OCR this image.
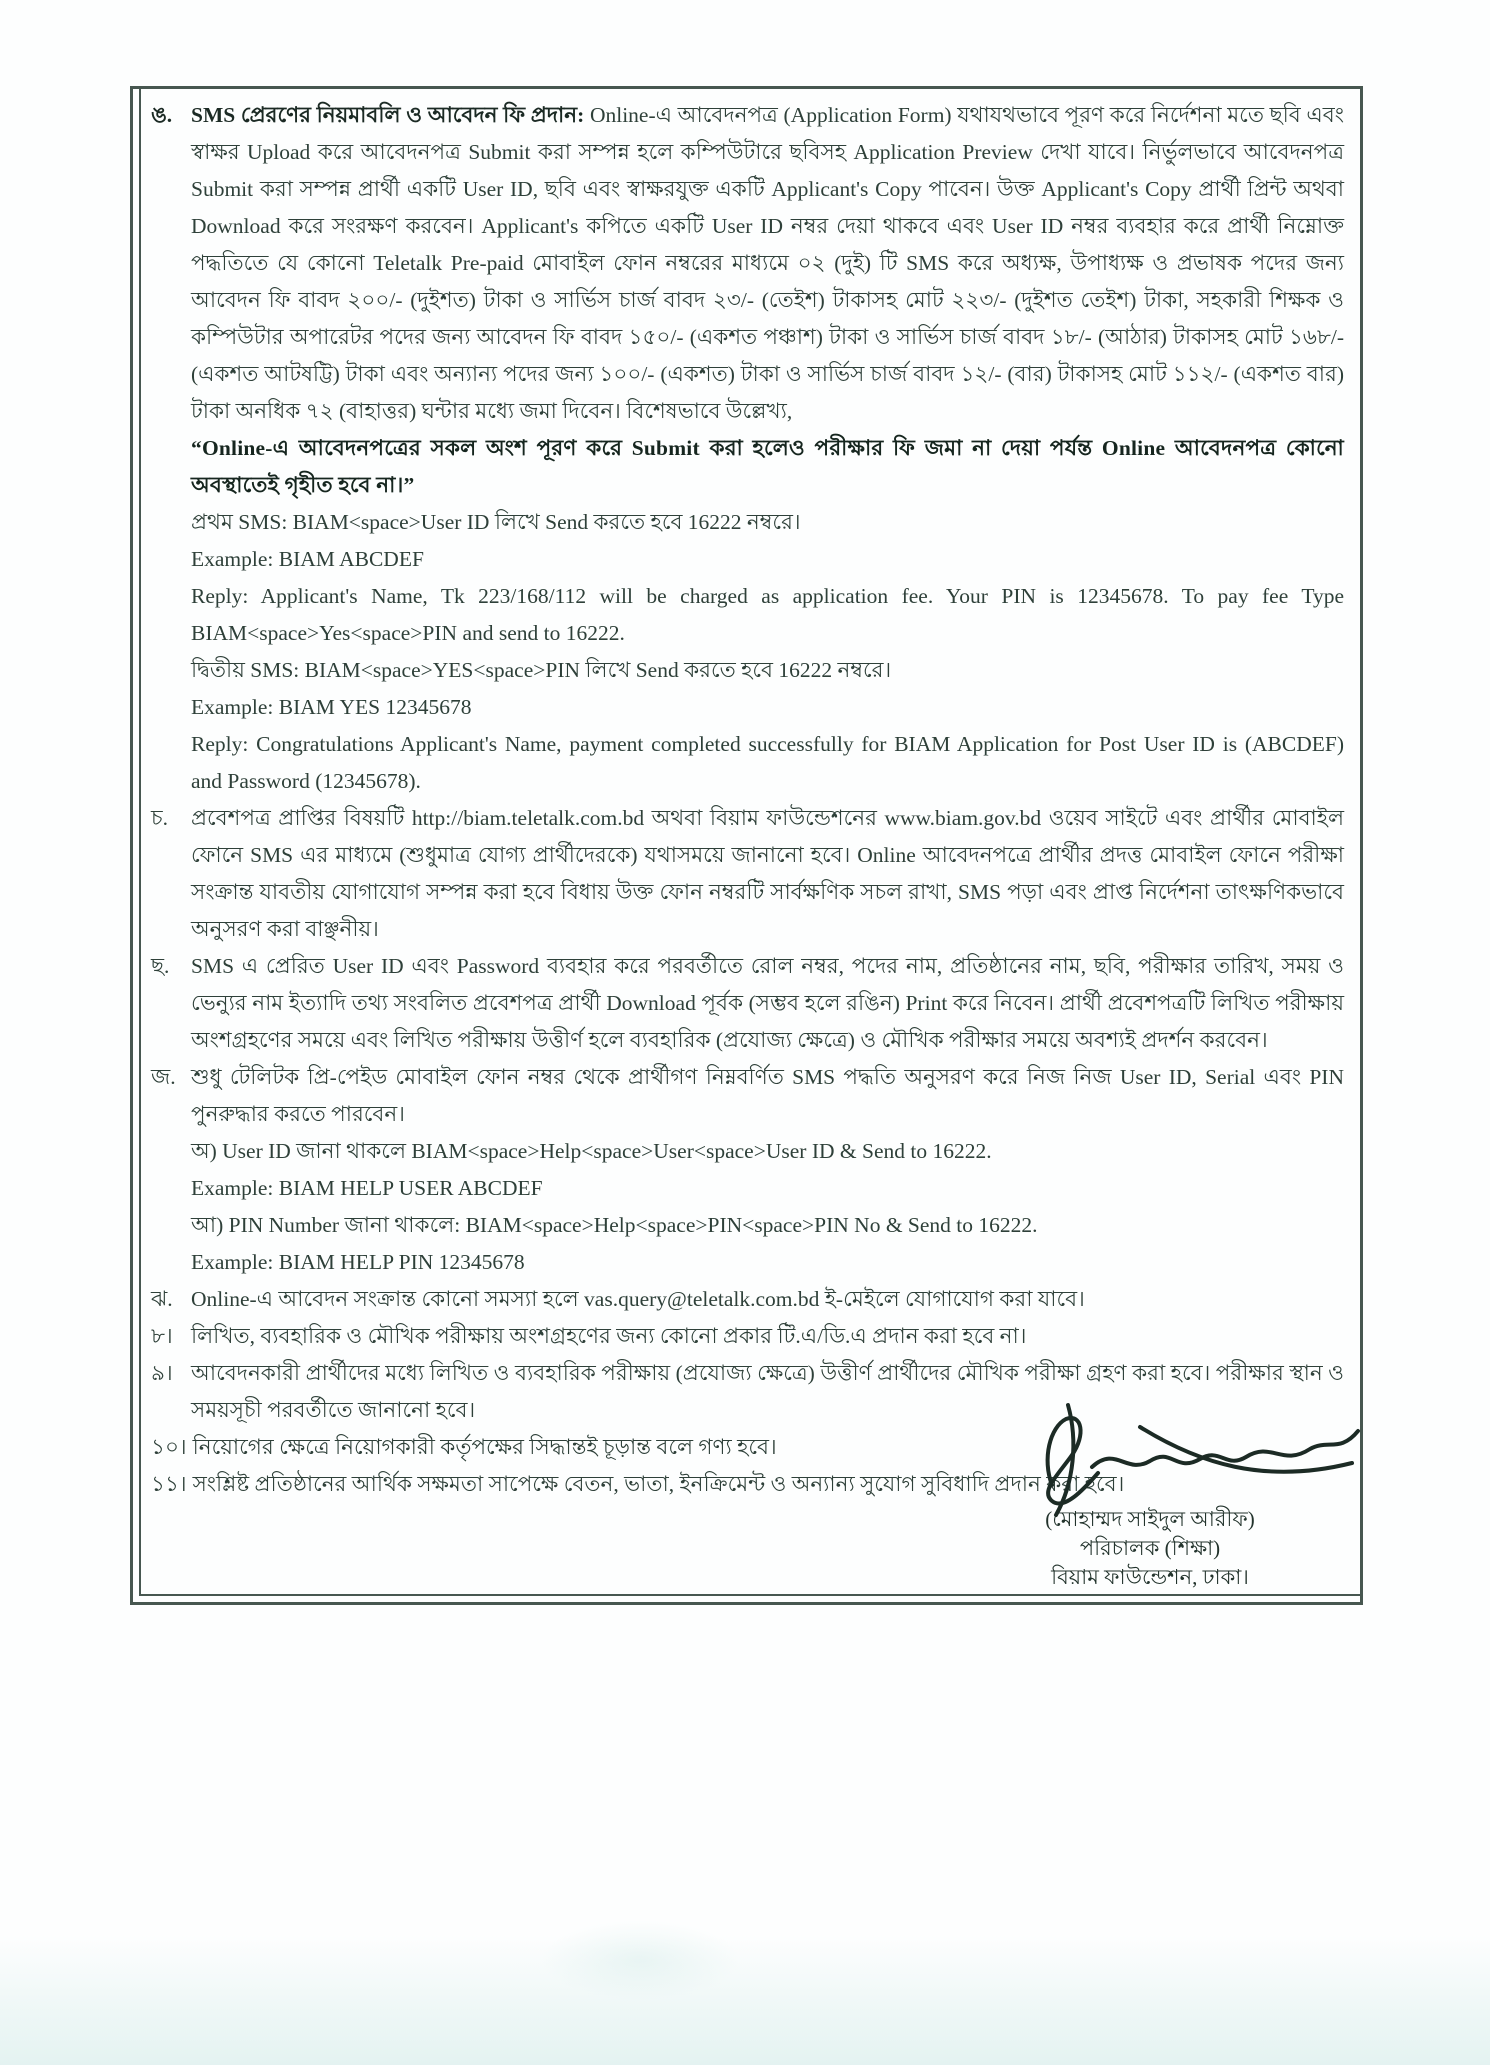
ঙ. SMS প্রেরণের নিয়মাবলি ও আবেদন ফি প্রদান: Online-এ আবেদনপত্র (Application Form) যথাযথভাবে পূরণ করে নির্দেশনা মতে ছবি এবং স্বাক্ষর Upload করে আবেদনপত্র Submit করা সম্পন্ন হলে কম্পিউটারে ছবিসহ Application Preview দেখা যাবে। নির্ভুলভাবে আবেদনপত্র Submit করা সম্পন্ন প্রার্থী একটি User ID, ছবি এবং স্বাক্ষরযুক্ত একটি Applicant's Copy পাবেন। উক্ত Applicant's Copy প্রার্থী প্রিন্ট অথবা Download করে সংরক্ষণ করবেন। Applicant's কপিতে একটি User ID নম্বর দেয়া থাকবে এবং User ID নম্বর ব্যবহার করে প্রার্থী নিম্নোক্ত পদ্ধতিতে যে কোনো Teletalk Pre-paid মোবাইল ফোন নম্বরের মাধ্যমে ০২ (দুই) টি SMS করে অধ্যক্ষ, উপাধ্যক্ষ ও প্রভাষক পদের জন্য আবেদন ফি বাবদ ২০০/- (দুইশত) টাকা ও সার্ভিস চার্জ বাবদ ২৩/- (তেইশ) টাকাসহ মোট ২২৩/- (দুইশত তেইশ) টাকা, সহকারী শিক্ষক ও কম্পিউটার অপারেটর পদের জন্য আবেদন ফি বাবদ ১৫০/- (একশত পঞ্চাশ) টাকা ও সার্ভিস চার্জ বাবদ ১৮/- (আঠার) টাকাসহ মোট ১৬৮/- (একশত আটষট্টি) টাকা এবং অন্যান্য পদের জন্য ১০০/- (একশত) টাকা ও সার্ভিস চার্জ বাবদ ১২/- (বার) টাকাসহ মোট ১১২/- (একশত বার) টাকা অনধিক ৭২ (বাহাত্তর) ঘন্টার মধ্যে জমা দিবেন। বিশেষভাবে উল্লেখ্য,

“Online-এ আবেদনপত্রের সকল অংশ পূরণ করে Submit করা হলেও পরীক্ষার ফি জমা না দেয়া পর্যন্ত Online আবেদনপত্র কোনো অবস্থাতেই গৃহীত হবে না।”

প্রথম SMS: BIAM<space>User ID লিখে Send করতে হবে 16222 নম্বরে।

Example: BIAM ABCDEF

Reply: Applicant's Name, Tk 223/168/112 will be charged as application fee. Your PIN is 12345678. To pay fee Type BIAM<space>Yes<space>PIN and send to 16222.

দ্বিতীয় SMS: BIAM<space>YES<space>PIN লিখে Send করতে হবে 16222 নম্বরে।

Example: BIAM YES 12345678

Reply: Congratulations Applicant's Name, payment completed successfully for BIAM Application for Post User ID is (ABCDEF) and Password (12345678).

চ.	প্রবেশপত্র প্রাপ্তির বিষয়টি http://biam.teletalk.com.bd অথবা বিয়াম ফাউন্ডেশনের www.biam.gov.bd ওয়েব সাইটে এবং প্রার্থীর মোবাইল ফোনে SMS এর মাধ্যমে (শুধুমাত্র যোগ্য প্রার্থীদেরকে) যথাসময়ে জানানো হবে। Online আবেদনপত্রে প্রার্থীর প্রদত্ত মোবাইল ফোনে পরীক্ষা সংক্রান্ত যাবতীয় যোগাযোগ সম্পন্ন করা হবে বিধায় উক্ত ফোন নম্বরটি সার্বক্ষণিক সচল রাখা, SMS পড়া এবং প্রাপ্ত নির্দেশনা তাৎক্ষণিকভাবে অনুসরণ করা বাঞ্ছনীয়।

ছ.	SMS এ প্রেরিত User ID এবং Password ব্যবহার করে পরবর্তীতে রোল নম্বর, পদের নাম, প্রতিষ্ঠানের নাম, ছবি, পরীক্ষার তারিখ, সময় ও ভেন্যুর নাম ইত্যাদি তথ্য সংবলিত প্রবেশপত্র প্রার্থী Download পূর্বক (সম্ভব হলে রঙিন) Print করে নিবেন। প্রার্থী প্রবেশপত্রটি লিখিত পরীক্ষায় অংশগ্রহণের সময়ে এবং লিখিত পরীক্ষায় উত্তীর্ণ হলে ব্যবহারিক (প্রযোজ্য ক্ষেত্রে) ও মৌখিক পরীক্ষার সময়ে অবশ্যই প্রদর্শন করবেন।

জ. শুধু টেলিটক প্রি-পেইড মোবাইল ফোন নম্বর থেকে প্রার্থীগণ নিম্নবর্ণিত SMS পদ্ধতি অনুসরণ করে নিজ নিজ User ID, Serial এবং PIN পুনরুদ্ধার করতে পারবেন।

অ) User ID জানা থাকলে BIAM<space>Help<space>User<space>User ID & Send to 16222.

Example: BIAM HELP USER ABCDEF

আ) PIN Number জানা থাকলে: BIAM<space>Help<space>PIN<space>PIN No & Send to 16222.

Example: BIAM HELP PIN 12345678

ঝ. Online-এ আবেদন সংক্রান্ত কোনো সমস্যা হলে vas.query@teletalk.com.bd ই-মেইলে যোগাযোগ করা যাবে।

৮। লিখিত, ব্যবহারিক ও মৌখিক পরীক্ষায় অংশগ্রহণের জন্য কোনো প্রকার টি.এ/ডি.এ প্রদান করা হবে না।

৯। আবেদনকারী প্রার্থীদের মধ্যে লিখিত ও ব্যবহারিক পরীক্ষায় (প্রযোজ্য ক্ষেত্রে) উত্তীর্ণ প্রার্থীদের মৌখিক পরীক্ষা গ্রহণ করা হবে। পরীক্ষার স্থান ও সময়সূচী পরবর্তীতে জানানো হবে।

১০। নিয়োগের ক্ষেত্রে নিয়োগকারী কর্তৃপক্ষের সিদ্ধান্তই চূড়ান্ত বলে গণ্য হবে।

১১। সংশ্লিষ্ট প্রতিষ্ঠানের আর্থিক সক্ষমতা সাপেক্ষে বেতন, ভাতা, ইনক্রিমেন্ট ও অন্যান্য সুযোগ সুবিধাদি প্রদান করা হবে।

(মোহাম্মদ সাইদুল আরীফ)
পরিচালক (শিক্ষা)
বিয়াম ফাউন্ডেশন, ঢাকা।
